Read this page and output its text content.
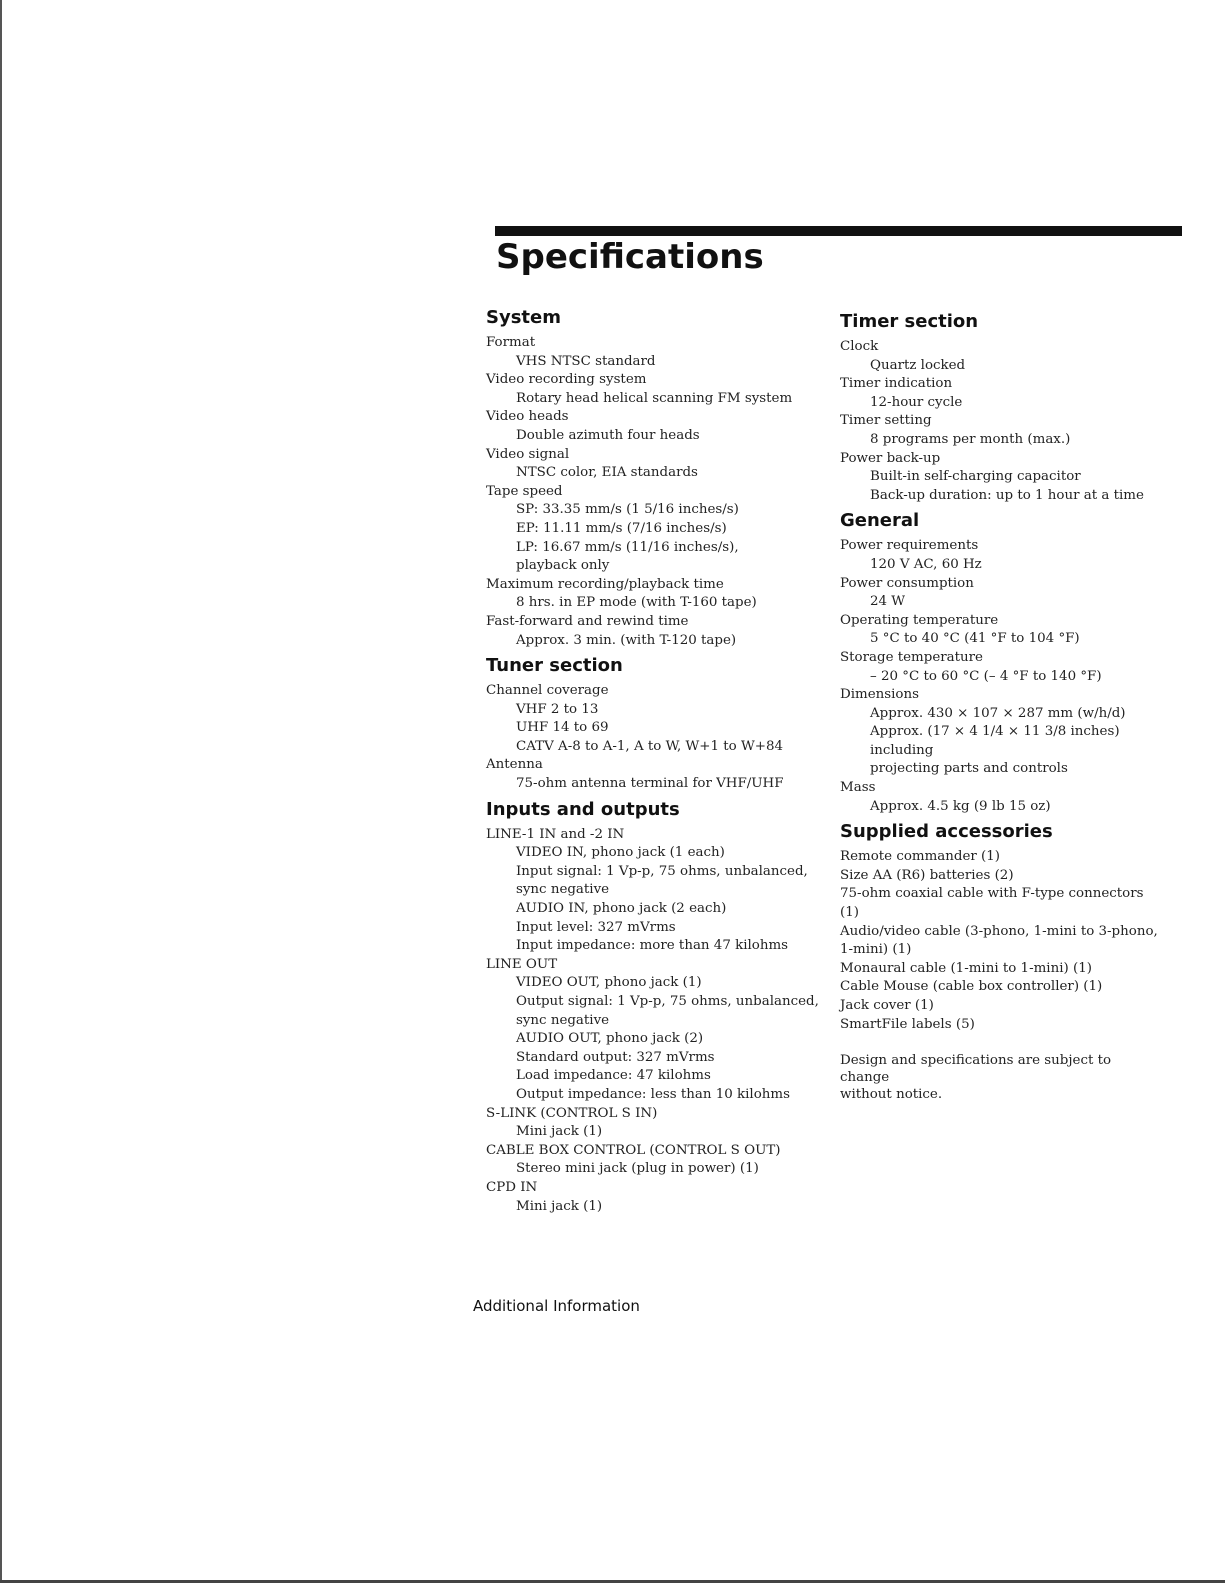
Specifications
System
Format
VHS NTSC standard
Video recording system
Rotary head helical scanning FM system
Video heads
Double azimuth four heads
Video signal
NTSC color, EIA standards
Tape speed
SP: 33.35 mm/s (1 5/16 inches/s)
EP: 11.11 mm/s (7/16 inches/s)
LP: 16.67 mm/s (11/16 inches/s),
playback only
Maximum recording/playback time
8 hrs. in EP mode (with T-160 tape)
Fast-forward and rewind time
Approx. 3 min. (with T-120 tape)
Tuner section
Channel coverage
VHF 2 to 13
UHF 14 to 69
CATV A-8 to A-1, A to W, W+1 to W+84
Antenna
75-ohm antenna terminal for VHF/UHF
Inputs and outputs
LINE-1 IN and -2 IN
VIDEO IN, phono jack (1 each)
Input signal: 1 Vp-p, 75 ohms, unbalanced,
sync negative
AUDIO IN, phono jack (2 each)
Input level: 327 mVrms
Input impedance: more than 47 kilohms
LINE OUT
VIDEO OUT, phono jack (1)
Output signal: 1 Vp-p, 75 ohms, unbalanced,
sync negative
AUDIO OUT, phono jack (2)
Standard output: 327 mVrms
Load impedance: 47 kilohms
Output impedance: less than 10 kilohms
S-LINK (CONTROL S IN)
Mini jack (1)
CABLE BOX CONTROL (CONTROL S OUT)
Stereo mini jack (plug in power) (1)
CPD IN
Mini jack (1)
Timer section
Clock
Quartz locked
Timer indication
12-hour cycle
Timer setting
8 programs per month (max.)
Power back-up
Built-in self-charging capacitor
Back-up duration: up to 1 hour at a time
General
Power requirements
120 V AC, 60 Hz
Power consumption
24 W
Operating temperature
5 °C to 40 °C (41 °F to 104 °F)
Storage temperature
– 20 °C to 60 °C (– 4 °F to 140 °F)
Dimensions
Approx. 430 × 107 × 287 mm (w/h/d)
Approx. (17 × 4 1/4 × 11 3/8 inches) including
projecting parts and controls
Mass
Approx. 4.5 kg (9 lb 15 oz)
Supplied accessories
Remote commander (1)
Size AA (R6) batteries (2)
75-ohm coaxial cable with F-type connectors (1)
Audio/video cable (3-phono, 1-mini to 3-phono,
1-mini) (1)
Monaural cable (1-mini to 1-mini) (1)
Cable Mouse (cable box controller) (1)
Jack cover (1)
SmartFile labels (5)
Design and specifications are subject to change
without notice.
Additional Information
